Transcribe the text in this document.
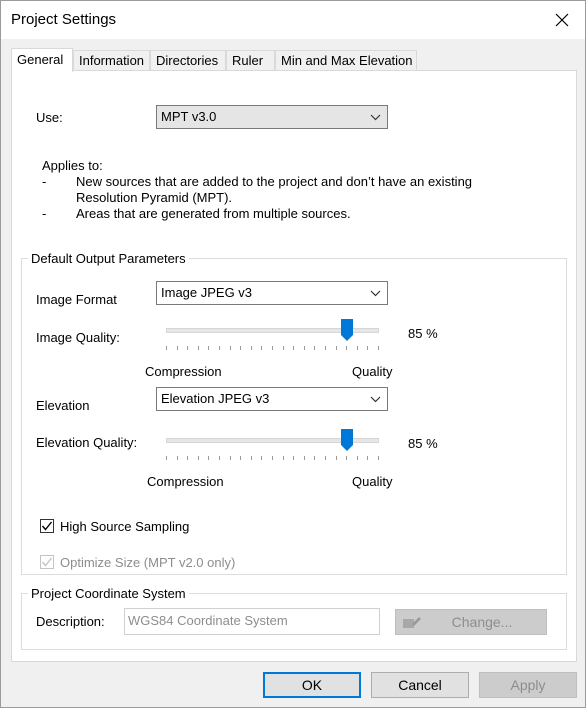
Project Settings
General	Information Directories	Ruler	Min and Max Elevation
Use:	MPT v3.0
Applies to:
- New sources that are added to the project and don’t have an existing
Resolution Pyramid (MPT).
- Areas that are generated from multiple sources.
Default Output Parameters
Image Format	Image JPEG v3
Image Quality:	85 %
Compression	Quality
Elevation	Elevation JPEG v3
Elevation Quality:	85 %
Compression	Quality
High Source Sampling
Optimize Size (MPT v2.0 only)
Project Coordinate System
Description:	WGS84 Coordinate System	Change...
OK	Cancel	Apply
